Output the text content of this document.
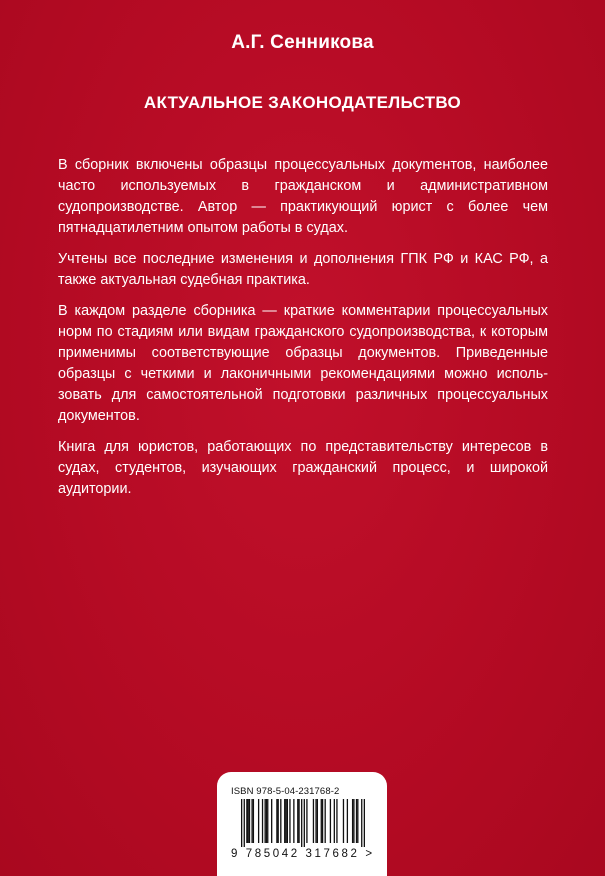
А.Г. Сенникова
АКТУАЛЬНОЕ ЗАКОНОДАТЕЛЬСТВО

В сборник включены образцы процессуальных докуmентов, наиболее часто используемых в гражданском и административном судопроизводстве. Автор — практикующий юрист с более чем пятнадцатилетним опытом работы в судах.

Учтены все последние изменения и дополнения ГПК РФ и КАС РФ, а также актуальная судебная практика.

В каждом разделе сборника — краткие комментарии процессуальных норм по стадиям или видам гражданского судопроизводства, к которым применимы соответствующие образцы документов. Приведенные образцы с четкими и лаконичными рекомендациями можно использовать для самостоятельной подготовки различных процессуальных документов.

Книга для юристов, работающих по представительству интересов в судах, студентов, изучающих гражданский процесс, и широкой аудитории.

ISBN 978-5-04-231768-2
9 785042 317682 >
